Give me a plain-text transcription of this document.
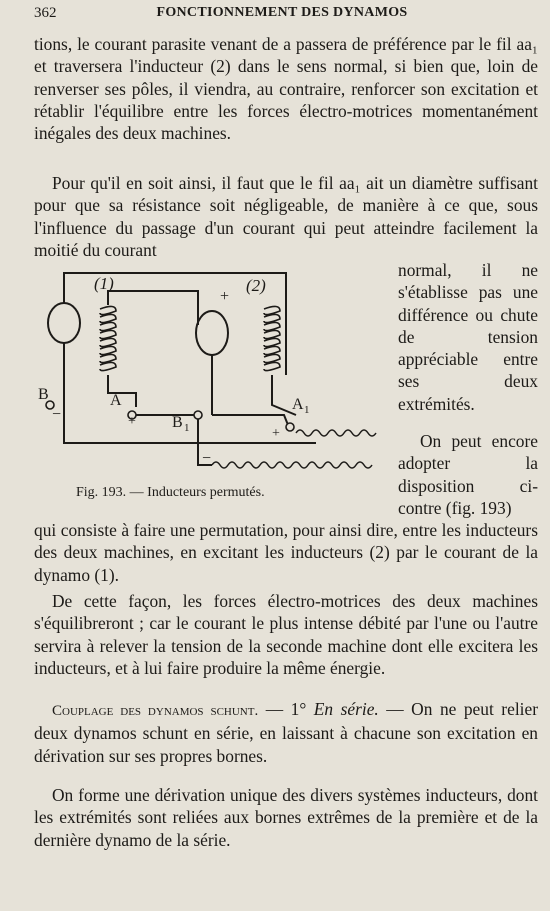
362	FONCTIONNEMENT DES DYNAMOS
tions, le courant parasite venant de a passera de préférence par le fil aa₁ et traversera l'inducteur (2) dans le sens normal, si bien que, loin de renverser ses pôles, il viendra, au contraire, renforcer son excitation et rétablir l'équilibre entre les forces électro-motrices momentanément inégales des deux machines.
Pour qu'il en soit ainsi, il faut que le fil aa₁ ait un diamètre suffisant pour que sa résistance soit négligeable, de manière à ce que, sous l'influence du passage d'un courant qui peut atteindre facilement la moitié du courant
normal, il ne s'établisse pas une différence ou chute de tension appréciable entre ses deux extrémités.
On peut encore adopter la disposition ci-contre (fig. 193)
(1)	(2)
B
−
A
+ B 1
A 1
+
+
−
Fig. 193. — Inducteurs permutés.
qui consiste à faire une permutation, pour ainsi dire, entre les inducteurs des deux machines, en excitant les inducteurs (2) par le courant de la dynamo (1).
De cette façon, les forces électro-motrices des deux machines s'équilibreront ; car le courant le plus intense débité par l'une ou l'autre servira à relever la tension de la seconde machine dont elle excitera les inducteurs, et à lui faire produire la même énergie.
Couplage des dynamos schunt. — 1° En série. — On ne peut relier deux dynamos schunt en série, en laissant à chacune son excitation en dérivation sur ses propres bornes.
On forme une dérivation unique des divers systèmes inducteurs, dont les extrémités sont reliées aux bornes extrêmes de la première et de la dernière dynamo de la série.
